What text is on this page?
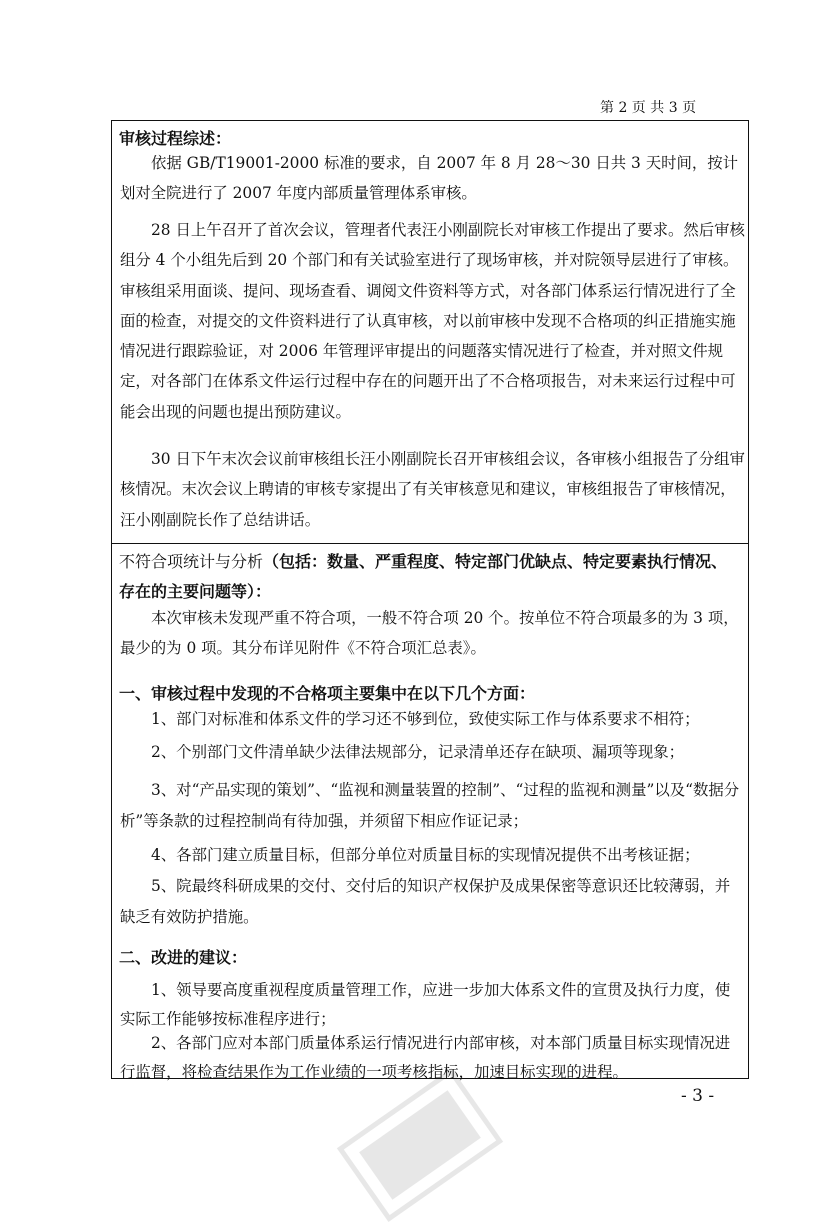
第 2 页 共 3 页
审核过程综述：

依据 GB/T19001-2000 标准的要求，自 2007 年 8 月 28～30 日共 3 天时间，按计划对全院进行了 2007 年度内部质量管理体系审核。

28 日上午召开了首次会议，管理者代表汪小刚副院长对审核工作提出了要求。然后审核组分 4 个小组先后到 20 个部门和有关试验室进行了现场审核，并对院领导层进行了审核。审核组采用面谈、提问、现场查看、调阅文件资料等方式，对各部门体系运行情况进行了全面的检查，对提交的文件资料进行了认真审核，对以前审核中发现不合格项的纠正措施实施情况进行跟踪验证，对 2006 年管理评审提出的问题落实情况进行了检查，并对照文件规定，对各部门在体系文件运行过程中存在的问题开出了不合格项报告，对未来运行过程中可能会出现的问题也提出预防建议。

30 日下午末次会议前审核组长汪小刚副院长召开审核组会议，各审核小组报告了分组审核情况。末次会议上聘请的审核专家提出了有关审核意见和建议，审核组报告了审核情况，汪小刚副院长作了总结讲话。

不符合项统计与分析（包括：数量、严重程度、特定部门优缺点、特定要素执行情况、
存在的主要问题等）：

本次审核未发现严重不符合项，一般不符合项 20 个。按单位不符合项最多的为 3 项，最少的为 0 项。其分布详见附件《不符合项汇总表》。

一、审核过程中发现的不合格项主要集中在以下几个方面：
1、部门对标准和体系文件的学习还不够到位，致使实际工作与体系要求不相符；
2、个别部门文件清单缺少法律法规部分，记录清单还存在缺项、漏项等现象；
3、对“产品实现的策划”、“监视和测量装置的控制”、“过程的监视和测量”以及“数据分析”等条款的过程控制尚有待加强，并须留下相应作证记录；
4、各部门建立质量目标，但部分单位对质量目标的实现情况提供不出考核证据；
5、院最终科研成果的交付、交付后的知识产权保护及成果保密等意识还比较薄弱，并缺乏有效防护措施。
二、改进的建议：
1、领导要高度重视程度质量管理工作，应进一步加大体系文件的宣贯及执行力度，使实际工作能够按标准程序进行；
2、各部门应对本部门质量体系运行情况进行内部审核，对本部门质量目标实现情况进行监督，将检查结果作为工作业绩的一项考核指标，加速目标实现的进程。
- 3 -
